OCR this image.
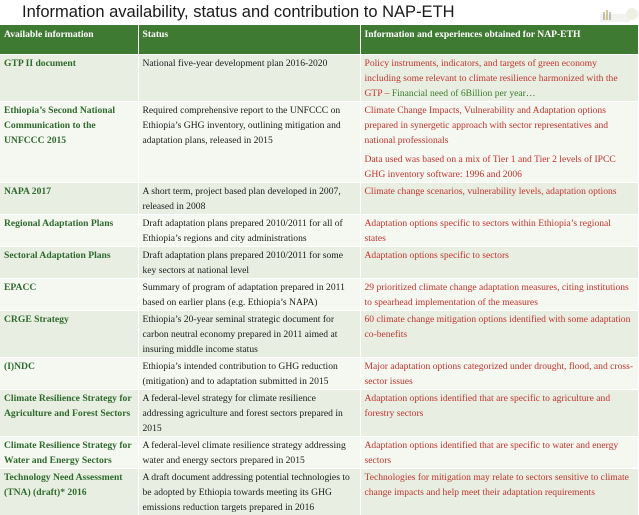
Information availability, status and contribution to NAP-ETH
Available information	Status	Information and experiences obtained for NAP-ETH
GTP II document	National five-year development plan 2016-2020	Policy instruments, indicators, and targets of green economy including some relevant to climate resilience harmonized with the GTP – Financial need of 6Billion per year…

Ethiopia’s Second National Communication to the UNFCCC 2015	Required comprehensive report to the UNFCCC on Ethiopia’s GHG inventory, outlining mitigation and adaptation plans, released in 2015	Climate Change Impacts, Vulnerability and Adaptation options prepared in synergetic approach with sector representatives and national professionals
Data used was based on a mix of Tier 1 and Tier 2 levels of IPCC GHG inventory software: 1996 and 2006

NAPA 2017	A short term, project based plan developed in 2007, released in 2008	Climate change scenarios, vulnerability levels, adaptation options

Regional Adaptation Plans	Draft adaptation plans prepared 2010/2011 for all of Ethiopia’s regions and city administrations	Adaptation options specific to sectors within Ethiopia’s regional states

Sectoral Adaptation Plans	Draft adaptation plans prepared 2010/2011 for some key sectors at national level	Adaptation options specific to sectors

EPACC	Summary of program of adaptation prepared in 2011 based on earlier plans (e.g. Ethiopia’s NAPA)	29 prioritized climate change adaptation measures, citing institutions to spearhead implementation of the measures

CRGE Strategy	Ethiopia’s 20-year seminal strategic document for carbon neutral economy prepared in 2011 aimed at insuring middle income status	60 climate change mitigation options identified with some adaptation co-benefits

(I)NDC	Ethiopia’s intended contribution to GHG reduction (mitigation) and to adaptation submitted in 2015	Major adaptation options categorized under drought, flood, and cross-sector issues

Climate Resilience Strategy for Agriculture and Forest Sectors	A federal-level strategy for climate resilience addressing agriculture and forest sectors prepared in 2015	Adaptation options identified that are specific to agriculture and forestry sectors

Climate Resilience Strategy for Water and Energy Sectors	A federal-level climate resilience strategy addressing water and energy sectors prepared in 2015	Adaptation options identified that are specific to water and energy sectors

Technology Need Assessment (TNA) (draft)* 2016	A draft document addressing potential technologies to be adopted by Ethiopia towards meeting its GHG emissions reduction targets prepared in 2016	Technologies for mitigation may relate to sectors sensitive to climate change impacts and help meet their adaptation requirements
